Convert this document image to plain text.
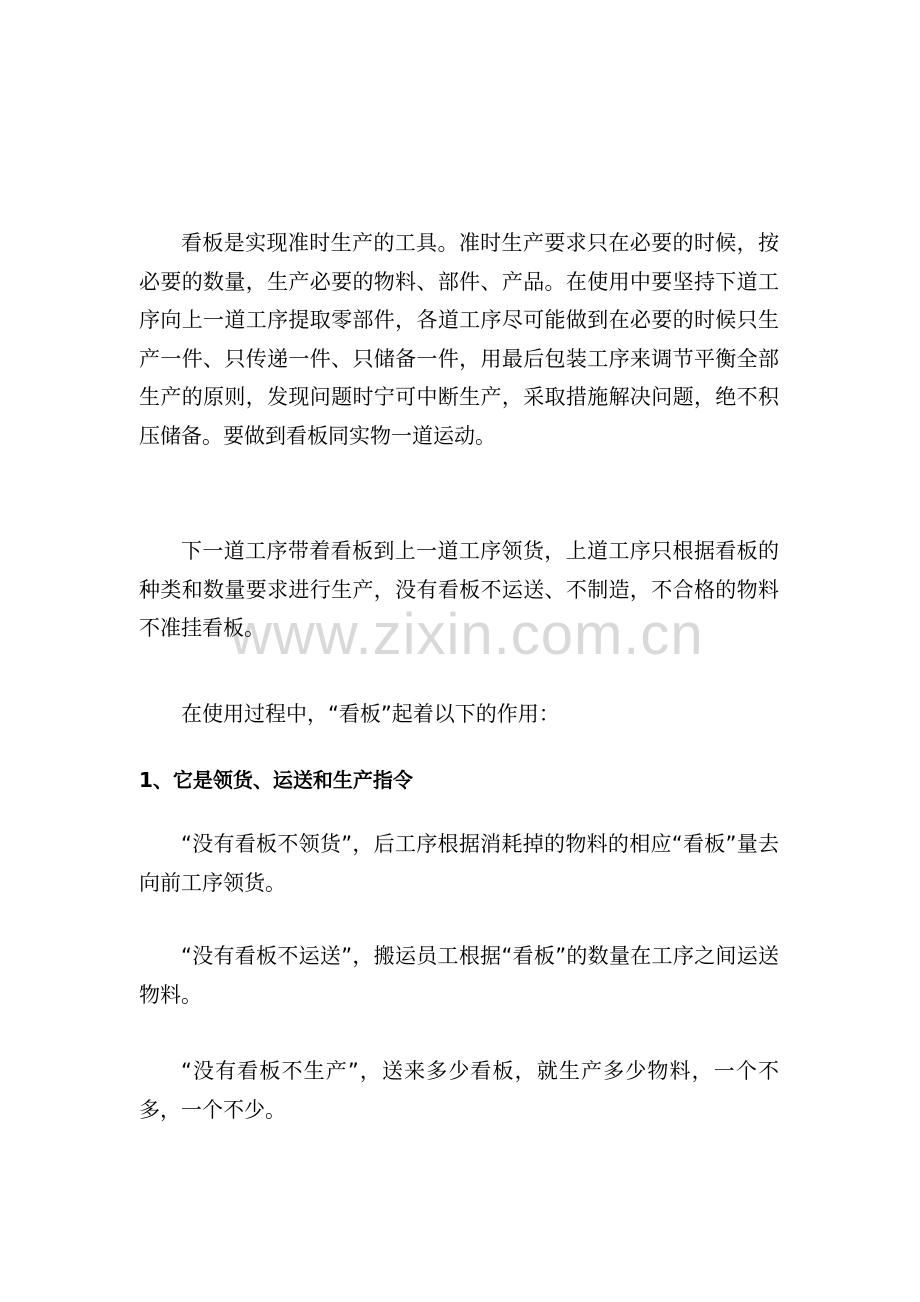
www.zixin.com.cn

看板是实现准时生产的工具。准时生产要求只在必要的时候，按必要的数量，生产必要的物料、部件、产品。在使用中要坚持下道工序向上一道工序提取零部件，各道工序尽可能做到在必要的时候只生产一件、只传递一件、只储备一件，用最后包装工序来调节平衡全部生产的原则，发现问题时宁可中断生产，采取措施解决问题，绝不积压储备。要做到看板同实物一道运动。

下一道工序带着看板到上一道工序领货，上道工序只根据看板的种类和数量要求进行生产，没有看板不运送、不制造，不合格的物料不准挂看板。

在使用过程中，“看板”起着以下的作用：

1、它是领货、运送和生产指令

“没有看板不领货”，后工序根据消耗掉的物料的相应“看板”量去向前工序领货。

“没有看板不运送”，搬运员工根据“看板”的数量在工序之间运送物料。

“没有看板不生产”，送来多少看板，就生产多少物料，一个不多，一个不少。
